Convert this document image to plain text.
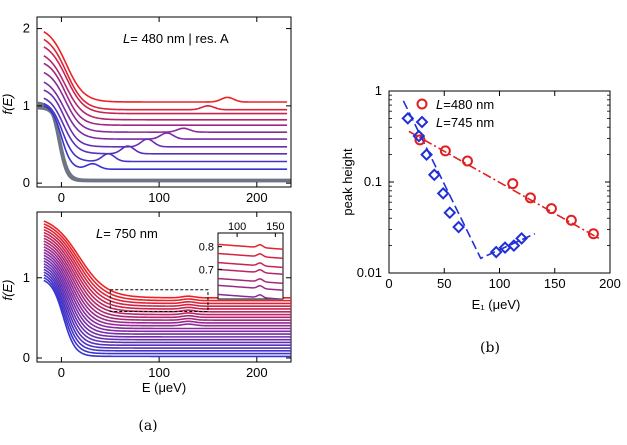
0	100	200
0
1
2
L= 480 nm | res. A
f(E)
0	100	200
0
1
L= 750 nm
f(E)
E (μeV)
100 150
0.8
0.7
(a)
0	50	100	150	200
0.01
0.1
1
L=480 nm
L=745 nm
peak height
E₁ (μeV)
(b)
